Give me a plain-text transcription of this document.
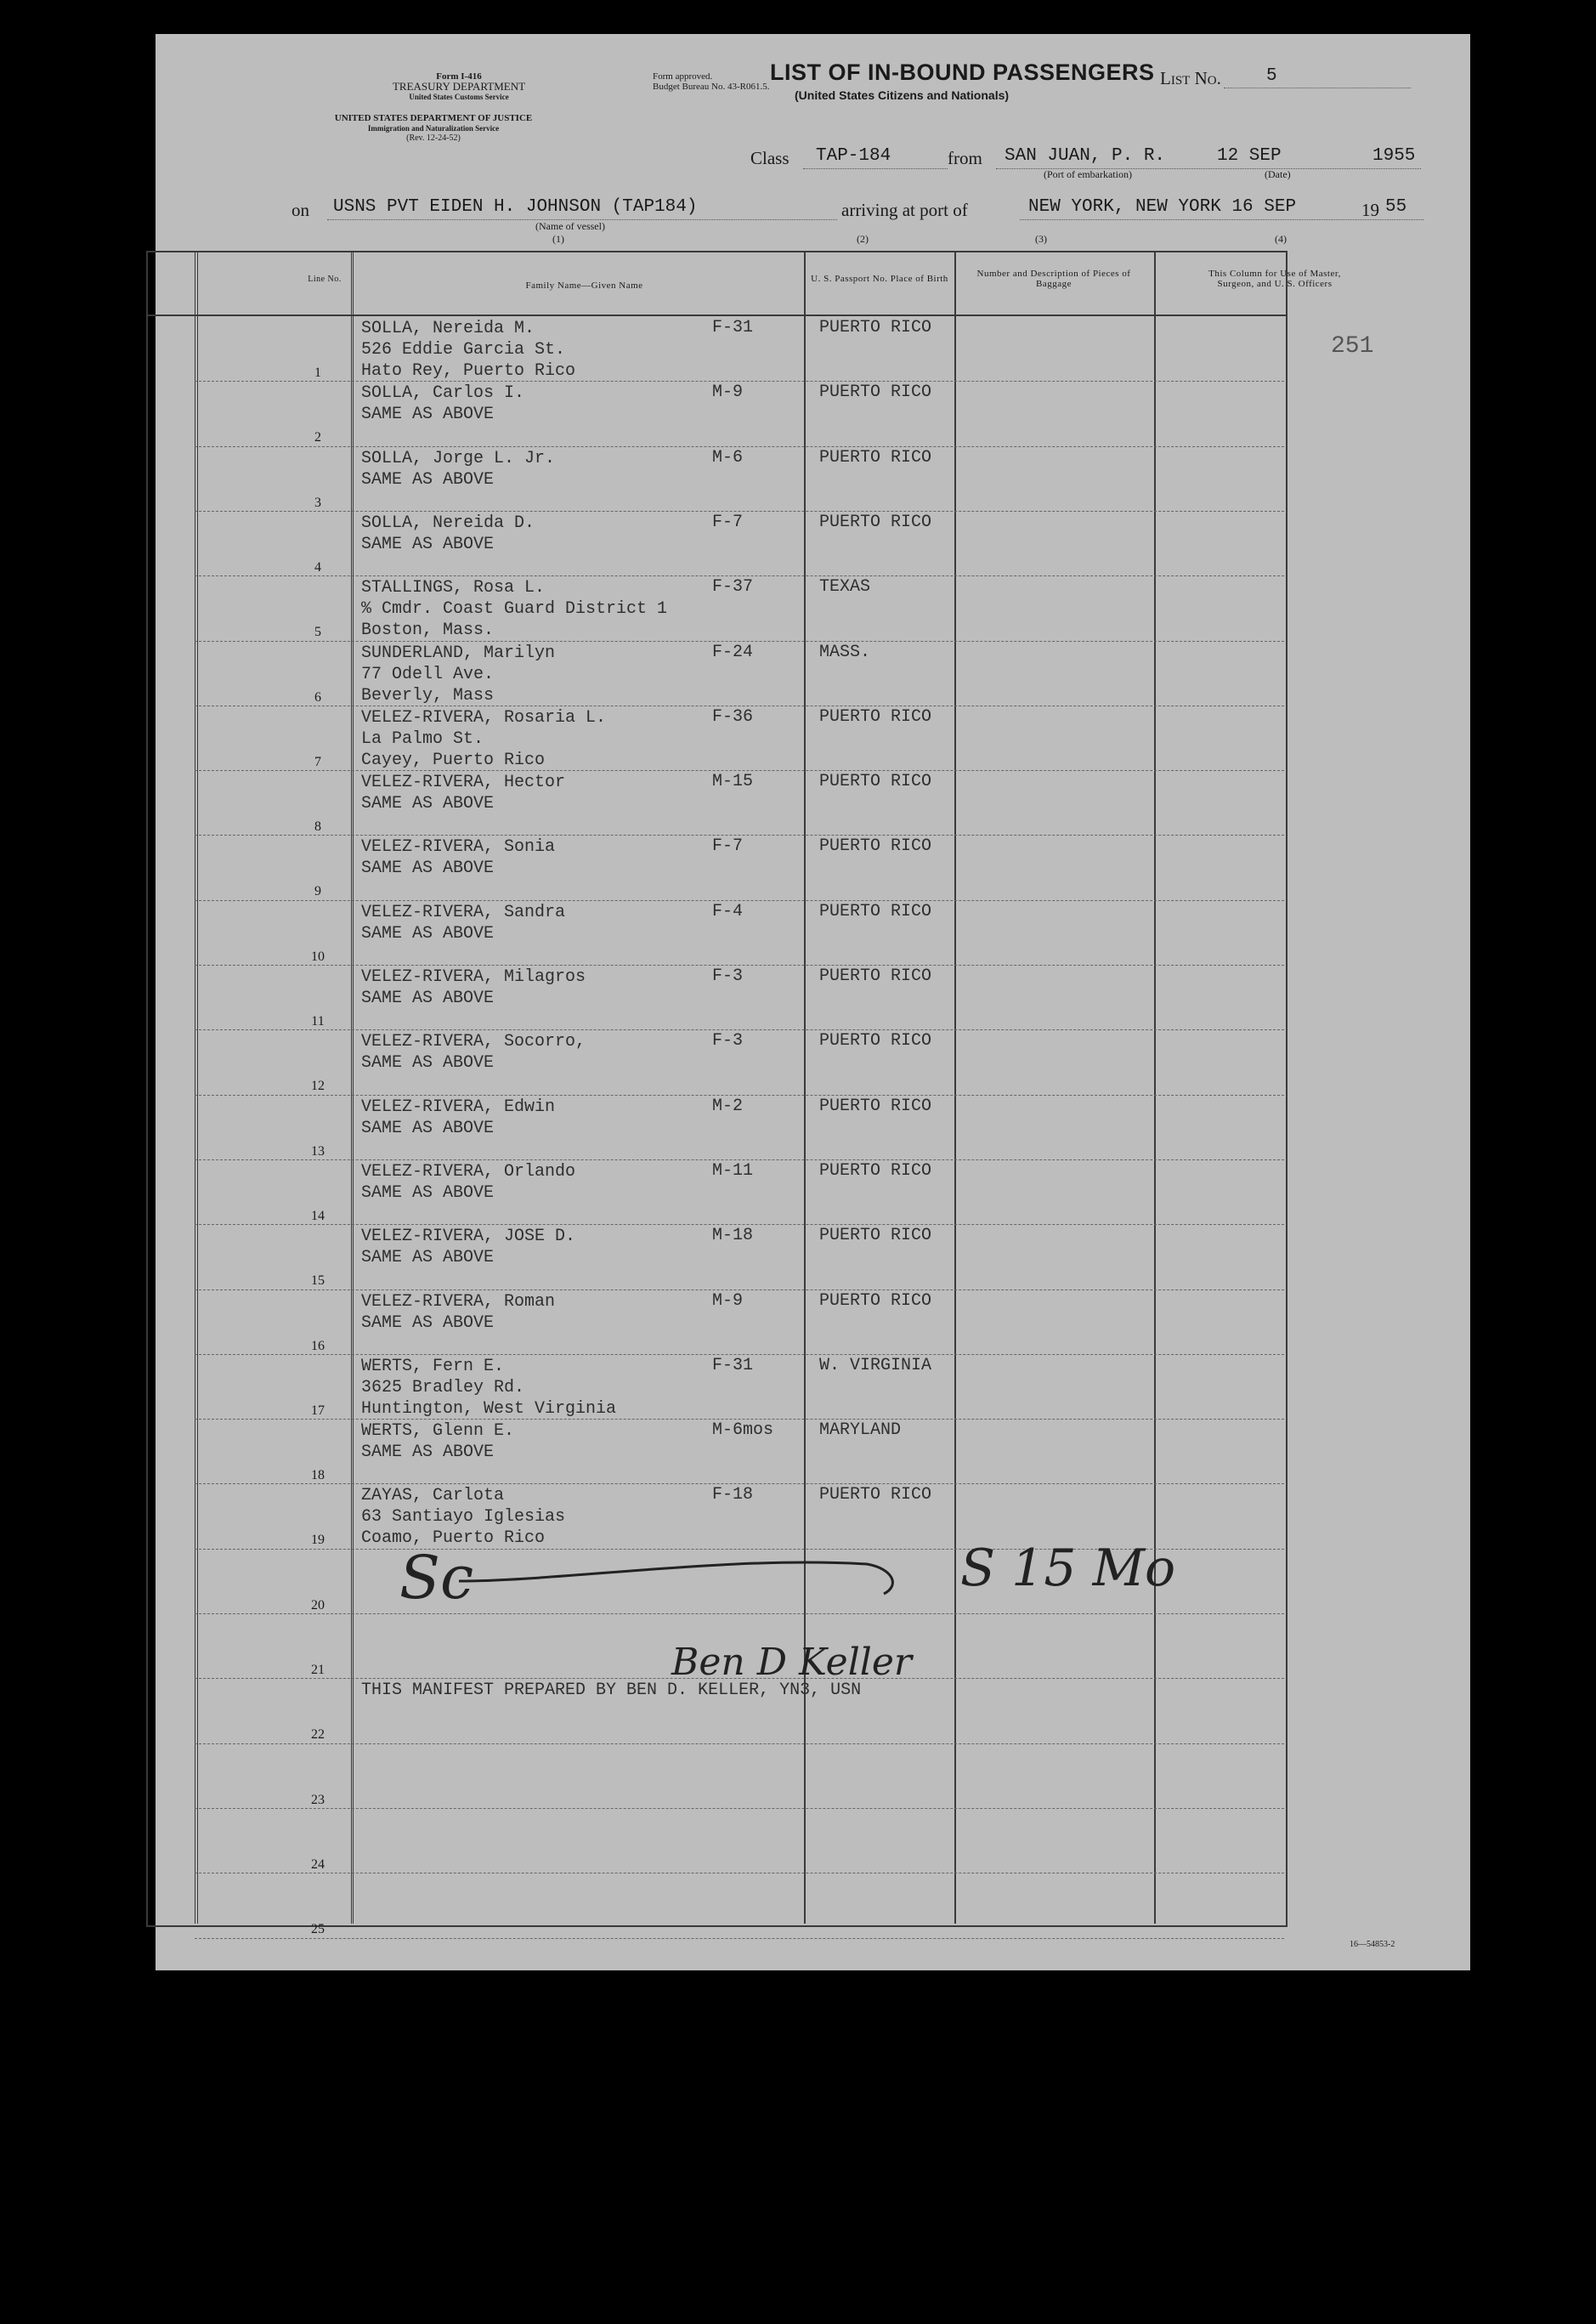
Form I-416
TREASURY DEPARTMENT
United States Customs Service
UNITED STATES DEPARTMENT OF JUSTICE
Immigration and Naturalization Service
(Rev. 12-24-52)
Form approved.
Budget Bureau No. 43-R061.5.	List No.	5
LIST OF IN-BOUND PASSENGERS
(United States Citizens and Nationals)
Class TAP-184	from SAN JUAN, P. R.	12 SEP	1955
(Port of embarkation)	(Date)
on USNS PVT EIDEN H. JOHNSON (TAP184)
(Name of vessel)
arriving at port of	NEW YORK, NEW YORK 16 SEP	19 55
(1)	(2)	(3)	(4)
Line No.
Family Name—Given Name
U. S. Passport No. Place of Birth	Number and Description of Pieces of Baggage
This Column for Use of Master, Surgeon, and U. S. Officers
251
1
SOLLA, Nereida M.
526 Eddie Garcia St.
Hato Rey, Puerto Rico
F-31	PUERTO RICO
2
SOLLA, Carlos I.
SAME AS ABOVE
M-9	PUERTO RICO
3
SOLLA, Jorge L. Jr.
SAME AS ABOVE
M-6	PUERTO RICO
4
SOLLA, Nereida D.
SAME AS ABOVE
F-7	PUERTO RICO
5
STALLINGS, Rosa L.
% Cmdr. Coast Guard District 1
Boston, Mass.
F-37	TEXAS
6
SUNDERLAND, Marilyn
77 Odell Ave.
Beverly, Mass
F-24	MASS.
7
VELEZ-RIVERA, Rosaria L.
La Palmo St.
Cayey, Puerto Rico
F-36	PUERTO RICO
8
VELEZ-RIVERA, Hector
SAME AS ABOVE
M-15	PUERTO RICO
9
VELEZ-RIVERA, Sonia
SAME AS ABOVE
F-7	PUERTO RICO
10
VELEZ-RIVERA, Sandra
SAME AS ABOVE
F-4	PUERTO RICO
11
VELEZ-RIVERA, Milagros
SAME AS ABOVE
F-3	PUERTO RICO
12
VELEZ-RIVERA, Socorro,
SAME AS ABOVE
F-3	PUERTO RICO
13
VELEZ-RIVERA, Edwin
SAME AS ABOVE
M-2	PUERTO RICO
14
VELEZ-RIVERA, Orlando
SAME AS ABOVE
M-11	PUERTO RICO
15
VELEZ-RIVERA, JOSE D.
SAME AS ABOVE
M-18	PUERTO RICO
16
VELEZ-RIVERA, Roman
SAME AS ABOVE
M-9	PUERTO RICO
17
WERTS, Fern E.
3625 Bradley Rd.
Huntington, West Virginia
F-31	W. VIRGINIA
18
WERTS, Glenn E.
SAME AS ABOVE
M-6mos	MARYLAND
19
ZAYAS, Carlota
63 Santiayo Iglesias
Coamo, Puerto Rico
F-18	PUERTO RICO
20
21
22
THIS MANIFEST PREPARED BY BEN D. KELLER, YN3, USN
23
24
25
Sc	S 15 Mo
Ben D Keller
16—54853-2
